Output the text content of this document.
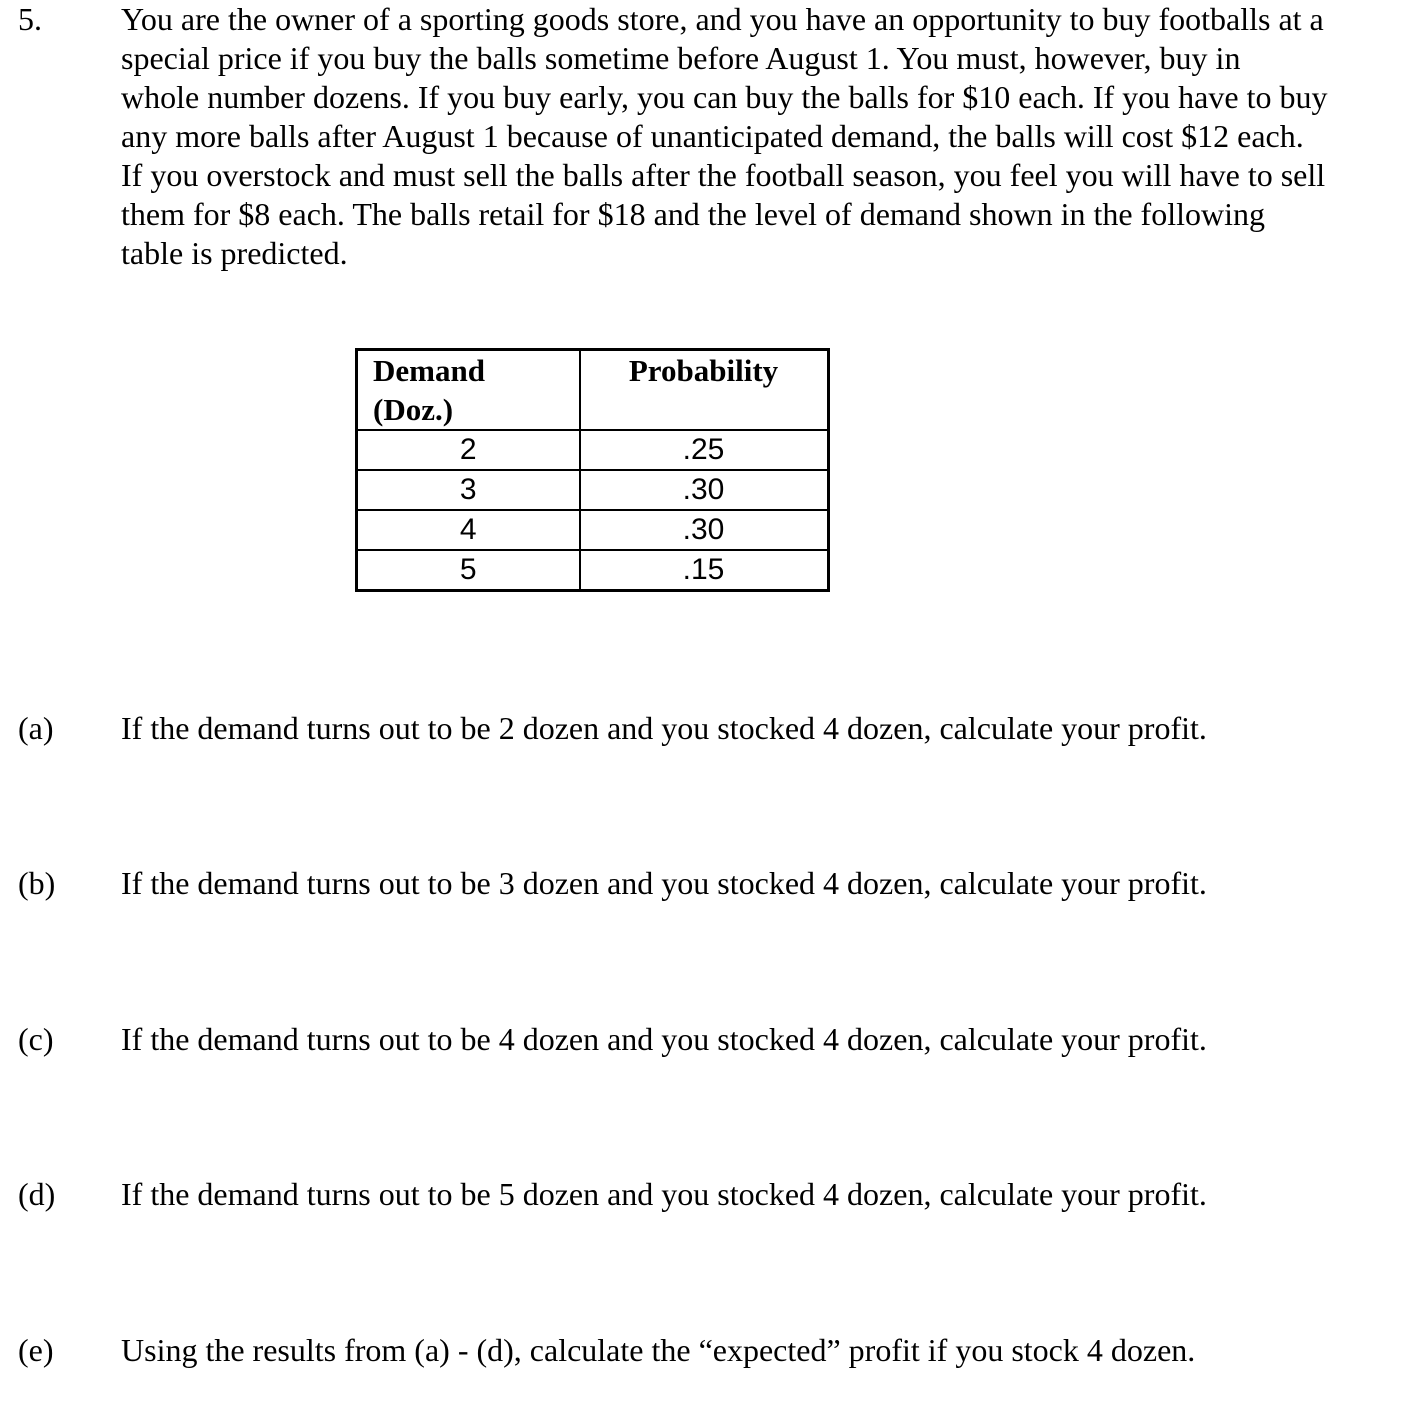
5. You are the owner of a sporting goods store, and you have an opportunity to buy footballs at a
special price if you buy the balls sometime before August 1. You must, however, buy in
whole number dozens. If you buy early, you can buy the balls for $10 each. If you have to buy
any more balls after August 1 because of unanticipated demand, the balls will cost $12 each.
If you overstock and must sell the balls after the football season, you feel you will have to sell
them for $8 each. The balls retail for $18 and the level of demand shown in the following
table is predicted.
Demand
(Doz.)	Probability
2	.25
3	.30
4	.30
5	.15
(a) If the demand turns out to be 2 dozen and you stocked 4 dozen, calculate your profit.
(b) If the demand turns out to be 3 dozen and you stocked 4 dozen, calculate your profit.
(c) If the demand turns out to be 4 dozen and you stocked 4 dozen, calculate your profit.
(d) If the demand turns out to be 5 dozen and you stocked 4 dozen, calculate your profit.
(e) Using the results from (a) - (d), calculate the “expected” profit if you stock 4 dozen.
